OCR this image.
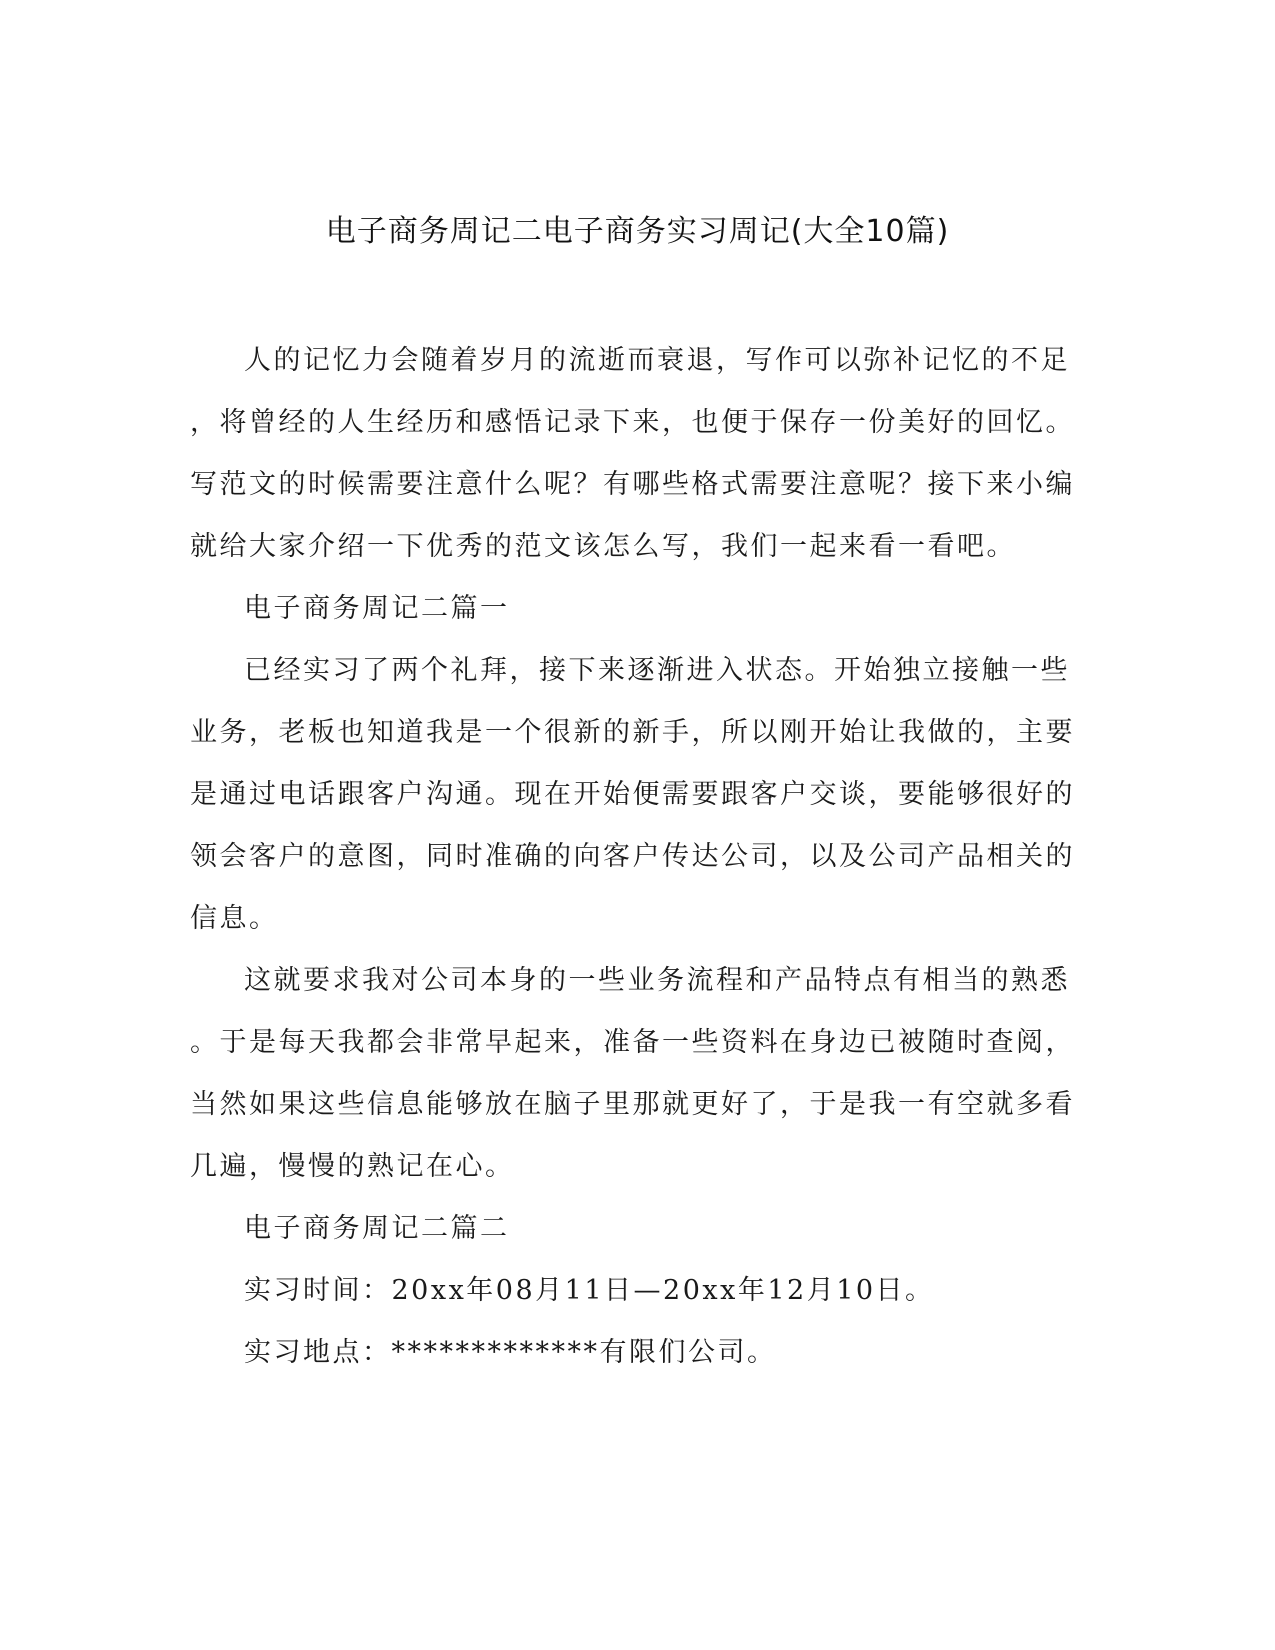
电子商务周记二电子商务实习周记(大全10篇)
人的记忆力会随着岁月的流逝而衰退，写作可以弥补记忆的不足
，将曾经的人生经历和感悟记录下来，也便于保存一份美好的回忆。
写范文的时候需要注意什么呢？有哪些格式需要注意呢？接下来小编
就给大家介绍一下优秀的范文该怎么写，我们一起来看一看吧。
电子商务周记二篇一
已经实习了两个礼拜，接下来逐渐进入状态。开始独立接触一些
业务，老板也知道我是一个很新的新手，所以刚开始让我做的，主要
是通过电话跟客户沟通。现在开始便需要跟客户交谈，要能够很好的
领会客户的意图，同时准确的向客户传达公司，以及公司产品相关的
信息。
这就要求我对公司本身的一些业务流程和产品特点有相当的熟悉
。于是每天我都会非常早起来，准备一些资料在身边已被随时查阅，
当然如果这些信息能够放在脑子里那就更好了，于是我一有空就多看
几遍，慢慢的熟记在心。
电子商务周记二篇二
实习时间：20xx年08月11日—20xx年12月10日。
实习地点：*************有限们公司。
